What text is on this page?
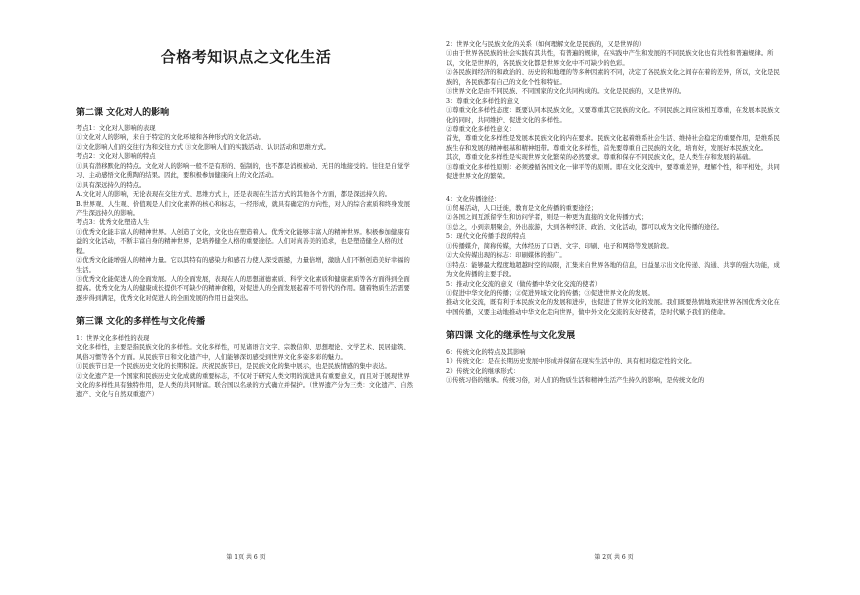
合格考知识点之文化生活
第二课 文化对人的影响

考点1：文化对人影响的表现

①文化对人的影响，来自于特定的文化环境和各种形式的文化活动。

②文化影响人们的交往行为和交往方式 ③文化影响人们的实践活动、认识活动和思维方式。

考点2：文化对人影响的特点

①具有潜移默化的特点。文化对人的影响一般不是有形的、强制的，也不都是消极被动、无目的地接受的。往往是自觉学习、主动感悟文化熏陶的结果。因此，要积极参加健康向上的文化活动。

②具有深远持久的特点。

A.文化对人的影响，无论表现在交往方式、思维方式上，还是表现在生活方式的其他各个方面，都是深远持久的。

B.世界观、人生观、价值观是人们文化素养的核心和标志，一经形成，就具有确定的方向性，对人的综合素质和终身发展产生深远持久的影响。

考点3：优秀文化塑造人生

①优秀文化能丰富人的精神世界。人创造了文化，文化也在塑造着人。优秀文化能够丰富人的精神世界。积极参加健康有益的文化活动，不断丰富自身的精神世界，是培养健全人格的重要途径。人们对真善美的追求，也是塑造健全人格的过程。

②优秀文化能增强人的精神力量。它以其特有的感染力和感召力使人深受震撼，力量倍增，激励人们不断创造美好幸福的生活。

③优秀文化能促进人的全面发展。人的全面发展，表现在人的思想道德素质、科学文化素质和健康素质等各方面得到全面提高。优秀文化为人的健康成长提供不可缺少的精神食粮，对促进人的全面发展起着不可替代的作用。随着物质生活需要逐步得到满足，优秀文化对促进人的全面发展的作用日益突出。

第三课 文化的多样性与文化传播

1：世界文化多样性的表现

文化多样性，主要是指民族文化的多样性。文化多样性，可见诸语言文字、宗教信仰、思想理论、文学艺术、民居建筑、风俗习惯等各个方面。从民族节日和文化遗产中，人们能够深切感受到世界文化多姿多彩的魅力。

①民族节日是一个民族历史文化的长期积淀。庆祝民族节日，是民族文化的集中展示，也是民族情感的集中表达。

②文化遗产是一个国家和民族历史文化成就的重要标志，不仅对于研究人类文明的演进具有重要意义，而且对于展现世界文化的多样性具有独特作用，是人类的共同财富。联合国以名录的方式确立并保护。（世界遗产分为三类：文化遗产、自然遗产、文化与自然双重遗产）

2：世界文化与民族文化的关系（如何理解文化是民族的，又是世界的）

①由于世界各民族的社会实践有其共性，有普遍的规律，在实践中产生和发展的不同民族文化也有共性和普遍规律。所以，文化是世界的，各民族文化都是世界文化中不可缺少的色彩。

②各民族间经济的和政治的、历史的和地理的等多种因素的不同，决定了各民族文化之间存在着的差异，所以，文化是民族的，各民族都有自己的文化个性和特征。

③世界文化是由不同民族、不同国家的文化共同构成的。文化是民族的，又是世界的。

3：尊重文化多样性的意义

①尊重文化多样性态度：既要认同本民族文化，又要尊重其它民族的文化。不同民族之间应该相互尊重，在发展本民族文化的同时，共同维护、促进文化的多样性。

②尊重文化多样性意义：

首先，尊重文化多样性是发展本民族文化的内在要求。民族文化起着维系社会生活、维持社会稳定的重要作用，是维系民族生存和发展的精神根基和精神纽带。尊重文化多样性，首先要尊重自己民族的文化，培育好，发展好本民族文化。

其次，尊重文化多样性是实现世界文化繁荣的必然要求。尊重和保存不同民族文化，是人类生存和发展的基础。

③尊重文化多样性原则：必须遵循各国文化一律平等的原则。即在文化交流中，要尊重差异，理解个性，和平相处，共同促进世界文化的繁荣。

4：文化传播途径：

①贸易活动，人口迁徙，教育是文化传播的重要途径；

②各国之间互派留学生和访问学者，则是一种更为直接的文化传播方式；

③总之，小到亲朋聚会，外出旅游，大到各种经济、政治、文化活动，都可以成为文化传播的途径。

5：现代文化传播手段的特点

①传播媒介，简称传媒，大体经历了口语、文字、印刷、电子和网络等发展阶段。

②大众传媒出现的标志：印刷媒体的推广。

③特点：能够最大程度地超越时空的局限，汇集来自世界各地的信息，日益显示出文化传递、沟通、共享的强大功能，成为文化传播的主要手段。

5：推动文化交流的意义（做传播中华文化交流的使者）

①促进中华文化的传播；②促进异域文化的传播；③促进世界文化的发展。

推动文化交流，既有利于本民族文化的发展和进步，也促进了世界文化的发展。我们既要热情地欢迎世界各国优秀文化在中国传播，又要主动地推动中华文化走向世界，做中外文化交流的友好使者，是时代赋予我们的使命。

第四课 文化的继承性与文化发展

6：传统文化的特点及其影响

1）传统文化：是在长期历史发展中形成并保留在现实生活中的、具有相对稳定性的文化。

2）传统文化的继承形式：

①传统习俗的继承。传统习俗，对人们的物质生活和精神生活产生持久的影响，是传统文化的

第 1页 共 6 页	第 2页 共 6 页
